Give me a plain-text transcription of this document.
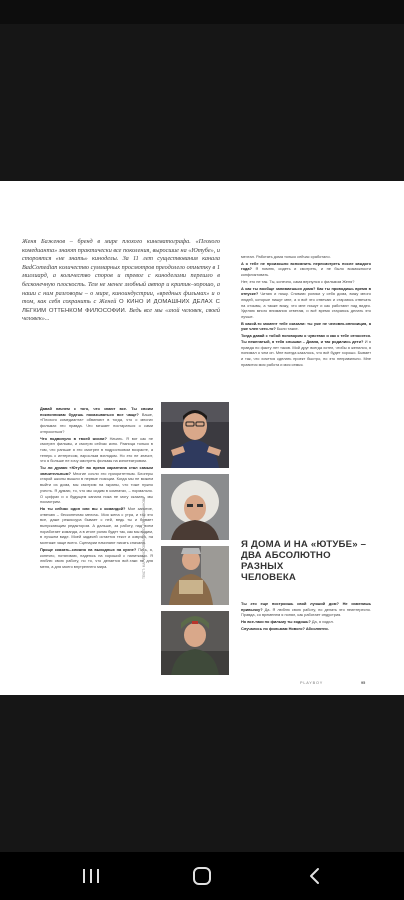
Женя Баженов – бренд в мире плохого кинематографа. «Плохого комедианта» знают практически все поколения, выросшие на «Ютубе», и стороятся «не знать» киноделы. За 11 лет существования канала BadComedian количество суммарных просмотров преодолело отметку в 1 миллиард, а количество споров и тревог с киноделами перешло в бесконечную плоскость. Тем не менее злобный автор и критик–хорошо, а наши с ним разговоры – о мире, киноиндустрии, «вредных фильмах» и о том, как себя сохранить с Женей О КИНО И ДОМАШНИХ ДЕЛАХ С ЛЕГКИМ ОТТЕНКОМ ФИЛОСОФИИ. Ведь все мы «злой человек, своей человек»...

Давай начнем с того, что знают все. Ты своим поклонникам будешь показываться все чаще? Ваше, «Плохого комедианта» обвиняют в тогда, что о многих фильмах это правда. Что мешает постараться о сами отпроситься?

Что подвинуло в твоей жизни? Начать. Я вот как не смотрел фильмы, и смотрю сейчас кино. Разница только в том, что раньше я это смотрел в подростковом возрасте, а теперь с интересом, взрослым взглядом. Но это не значит, что я больше не хочу смотреть фильмы на кинотеатровом.

Ты ли думаю «Ютуб» во время карантина стал самым значительным? Многие сочли это приоритетным. Блогеры старой школы вышли в первые позиции. Когда мы не можем выйти из дома, мы смотрим на экраны, что тоже нужно учесть. Я думаю, то, что мы сидим в комнатах, – нормально. О цифрах и о будущем канала пока не могу сказать, мы посмотрим.

Но ты сейчас один или вы с командой? Мое занятие, отвечаю – бесконечная мелочь. Моя жена с утра, и так это все, даже режиссура бывает с ней, ведь ты и бывает выпускающим редактором. А дальше, за работу, над всем поработает команда, а в итоге ролик будет так, как мы видим, в лучшем виде. Моей задачей остается текст и озвучка, на монтаже чаще всего. Сценарии начинают писать сначала.

Проще сказать–сложно на выходных на кухне? Пить, я, конечно, потягиваю, надеюсь на хороший с напитками. Я люблю свою работу, но то, что делается всё-таки не для меня, а для моего внутреннего мира.	ТЕКСТ: МАРИЯ КОРОЛЁВА ФОТО: ЕЛЕНА БАРАНОВА

мечтал. Работать дома только сейчас сработало.

А о тебе не произошло вспомнить пересмотреть после каждого года? Я помню, сидеть и смотреть, и не было возможности конфликтовать.

Нет, это не так. Ты, конечно, сама вернулся с фильмом Женя?

А как ты вообще занимаешься дома? Как ты проводишь время в отпуске? Читаю и пишу. Снимаю ролики у себя дома, вижу много людей, которые пишут мне, а я всё это отвечаю и стараюсь отвечать на отзывы, а также вижу, что мне пишут и как работают над видео. Уделяю много внимания ответам, и всё время стараюсь делать это лучше.

В какой-то момент тебе сказали: ты уже не человек-оппозиция, а уже член чего-то? Были такие.

Тогда давай с тобой поговорим о чувствах и как к тебе относятся. Ты неженатый, я тебя слышал – Диана, и так родились дети? И я правда по факту лет таков. Мой друг всегда хотел, чтобы я женился, я понимал о чем он. Мне всегда казалось, что всё будет хорошо. Бывает и так, что хочется сделать проект быстро, но это неправильно. Мне нравится моя работа и моя семья.

Я ДОМА И НА «ЮТУБЕ» –
ДВА АБСОЛЮТНО РАЗНЫХ
ЧЕЛОВЕКА

Ты это еще построишь свой лучший дом? Не изменишь привычку? Да. Я люблю свою работу, но делать это неинтересно. Правда, со временем я понял, как работает индустрия.

Но все-таки по фильму ты ходишь? Да, я ходил.

Случалось по фильмам Нового? Абсолютно.

PLAYBOY	95
